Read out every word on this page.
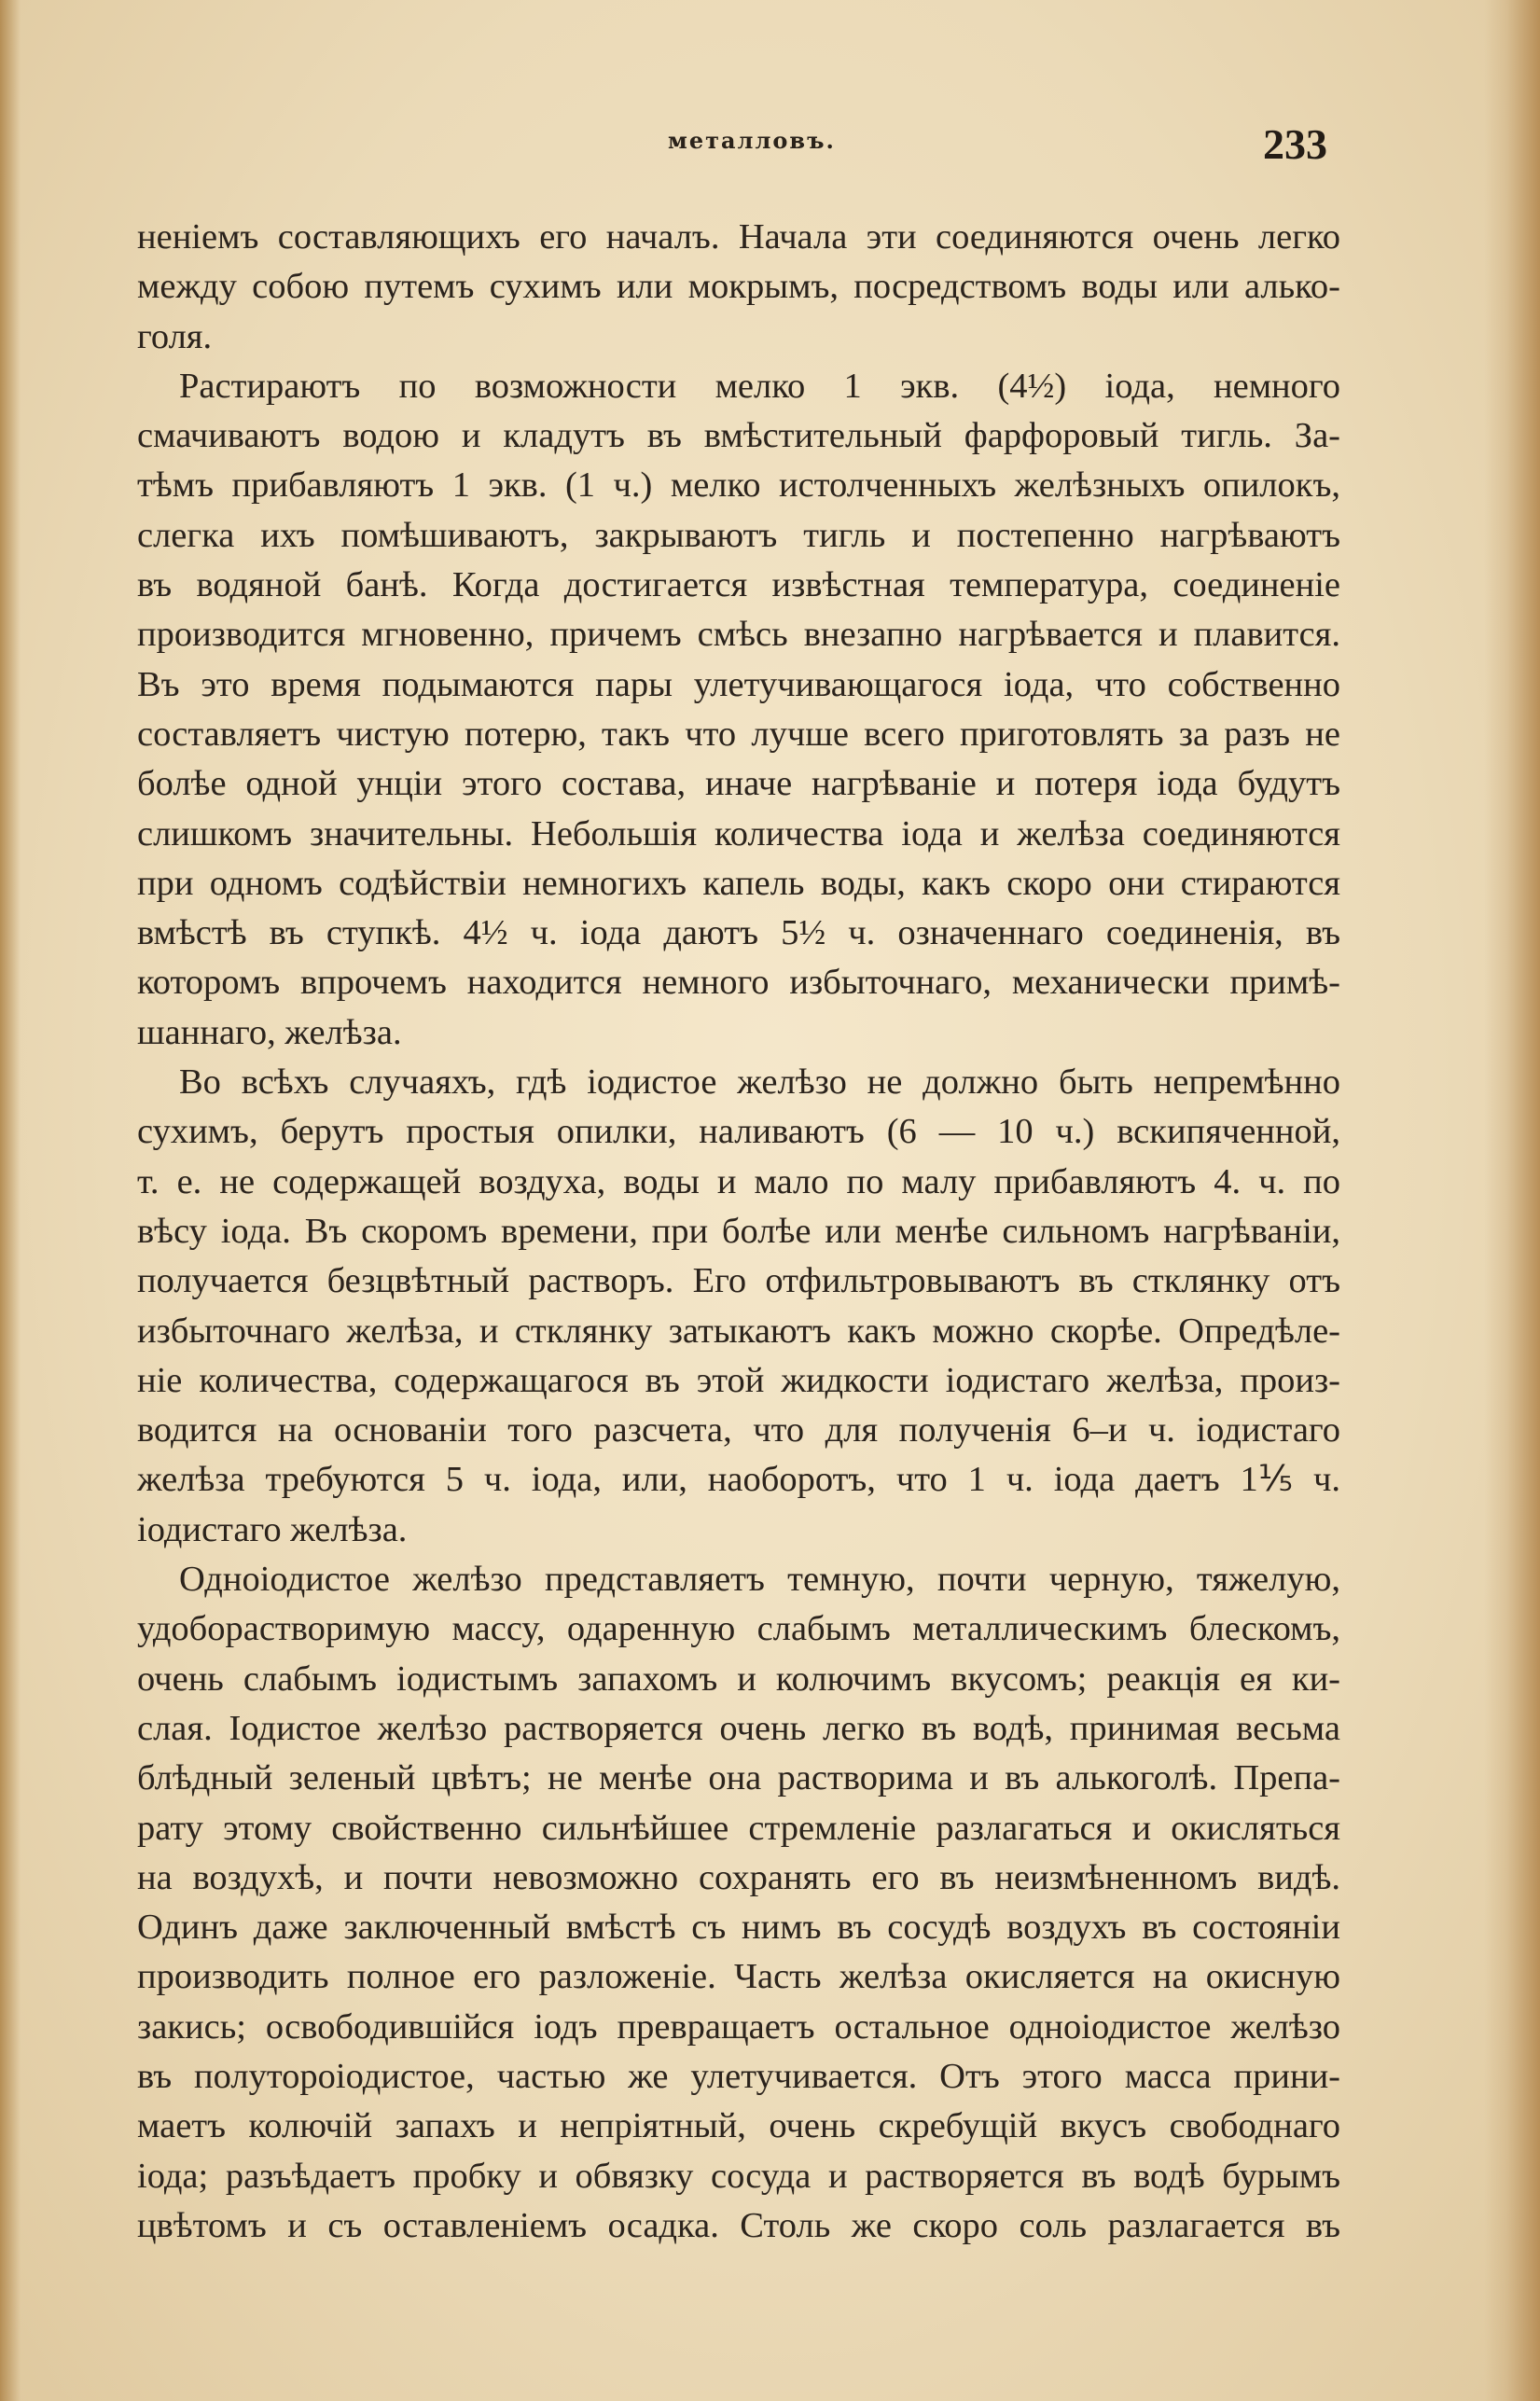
металловъ.	233
неніемъ составляющихъ его началъ. Начала эти соединяются очень легко
между собою путемъ сухимъ или мокрымъ, посредствомъ воды или алько-
голя.
Растираютъ по возможности мелко 1 экв. (4½) іода, немного
смачиваютъ водою и кладутъ въ вмѣстительный фарфоровый тигль. За-
тѣмъ прибавляютъ 1 экв. (1 ч.) мелко истолченныхъ желѣзныхъ опилокъ,
слегка ихъ помѣшиваютъ, закрываютъ тигль и постепенно нагрѣваютъ
въ водяной банѣ. Когда достигается извѣстная температура, соединеніе
производится мгновенно, причемъ смѣсь внезапно нагрѣвается и плавится.
Въ это время подымаются пары улетучивающагося іода, что собственно
составляетъ чистую потерю, такъ что лучше всего приготовлять за разъ не
болѣе одной унціи этого состава, иначе нагрѣваніе и потеря іода будутъ
слишкомъ значительны. Небольшія количества іода и желѣза соединяются
при одномъ содѣйствіи немногихъ капель воды, какъ скоро они стираются
вмѣстѣ въ ступкѣ. 4½ ч. іода даютъ 5½ ч. означеннаго соединенія, въ
которомъ впрочемъ находится немного избыточнаго, механически примѣ-
шаннаго, желѣза.
Во всѣхъ случаяхъ, гдѣ іодистое желѣзо не должно быть непремѣнно
сухимъ, берутъ простыя опилки, наливаютъ (6 — 10 ч.) вскипяченной,
т. е. не содержащей воздуха, воды и мало по малу прибавляютъ 4. ч. по
вѣсу іода. Въ скоромъ времени, при болѣе или менѣе сильномъ нагрѣваніи,
получается безцвѣтный растворъ. Его отфильтровываютъ въ стклянку отъ
избыточнаго желѣза, и стклянку затыкаютъ какъ можно скорѣе. Опредѣле-
ніе количества, содержащагося въ этой жидкости іодистаго желѣза, произ-
водится на основаніи того разсчета, что для полученія 6–и ч. іодистаго
желѣза требуются 5 ч. іода, или, наоборотъ, что 1 ч. іода даетъ 1⅕ ч.
іодистаго желѣза.
Одноіодистое желѣзо представляетъ темную, почти черную, тяжелую,
удоборастворимую массу, одаренную слабымъ металлическимъ блескомъ,
очень слабымъ іодистымъ запахомъ и колючимъ вкусомъ; реакція ея ки-
слая. Іодистое желѣзо растворяется очень легко въ водѣ, принимая весьма
блѣдный зеленый цвѣтъ; не менѣе она растворима и въ алькоголѣ. Препа-
рату этому свойственно сильнѣйшее стремленіе разлагаться и окисляться
на воздухѣ, и почти невозможно сохранять его въ неизмѣненномъ видѣ.
Одинъ даже заключенный вмѣстѣ съ нимъ въ сосудѣ воздухъ въ состояніи
производить полное его разложеніе. Часть желѣза окисляется на окисную
закись; освободившійся іодъ превращаетъ остальное одноіодистое желѣзо
въ полутороіодистое, частью же улетучивается. Отъ этого масса прини-
маетъ колючій запахъ и непріятный, очень скребущій вкусъ свободнаго
іода; разъѣдаетъ пробку и обвязку сосуда и растворяется въ водѣ бурымъ
цвѣтомъ и съ оставленіемъ осадка. Столь же скоро соль разлагается въ
